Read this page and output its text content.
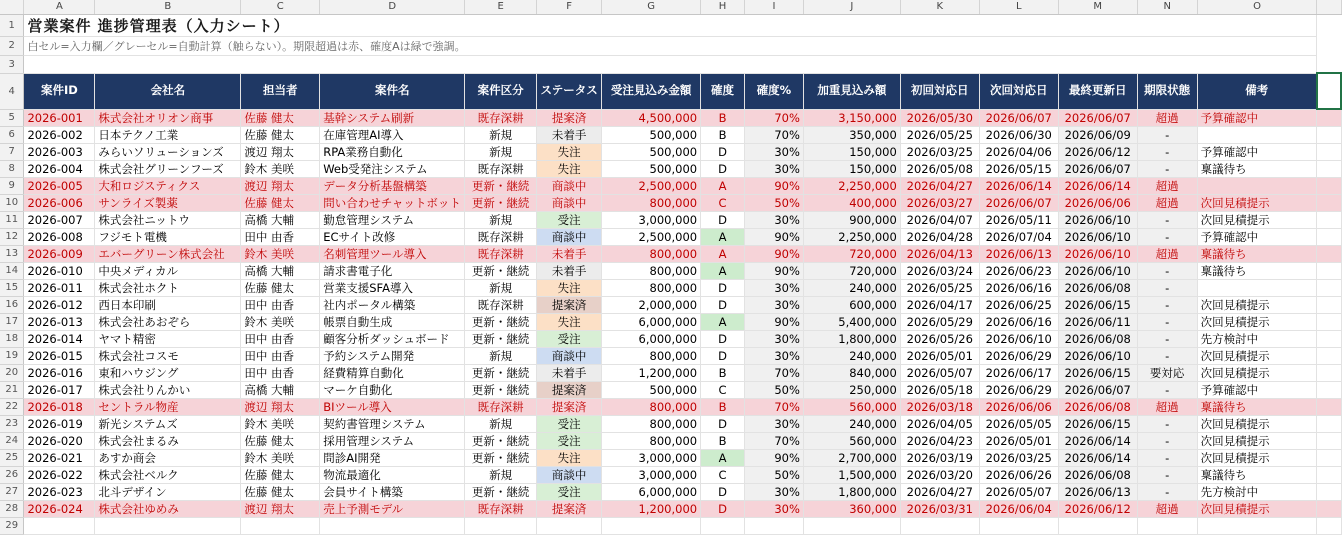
	A	B	C	D	E	F	G	H	I	J	K	L	M	N	O	
1	営業案件 進捗管理表（入力シート）															
2	白セル=入力欄／グレーセル=自動計算（触らない）。期限超過は赤、確度Aは緑で強調。															
3																
4	案件ID	会社名	担当者	案件名	案件区分	ステータス	受注見込み金額	確度	確度%	加重見込み額	初回対応日	次回対応日	最終更新日	期限状態	備考	
5	2026-001	株式会社オリオン商事	佐藤 健太	基幹システム刷新	既存深耕	提案済	4,500,000	B	70%	3,150,000	2026/05/30	2026/06/07	2026/06/07	超過	予算確認中	
6	2026-002	日本テクノ工業	佐藤 健太	在庫管理AI導入	新規	未着手	500,000	B	70%	350,000	2026/05/25	2026/06/30	2026/06/09	-		
7	2026-003	みらいソリューションズ	渡辺 翔太	RPA業務自動化	新規	失注	500,000	D	30%	150,000	2026/03/25	2026/04/06	2026/06/12	-	予算確認中	
8	2026-004	株式会社グリーンフーズ	鈴木 美咲	Web受発注システム	既存深耕	失注	500,000	D	30%	150,000	2026/05/08	2026/05/15	2026/06/07	-	稟議待ち	
9	2026-005	大和ロジスティクス	渡辺 翔太	データ分析基盤構築	更新・継続	商談中	2,500,000	A	90%	2,250,000	2026/04/27	2026/06/14	2026/06/14	超過		
10	2026-006	サンライズ製薬	佐藤 健太	問い合わせチャットボット	更新・継続	商談中	800,000	C	50%	400,000	2026/03/27	2026/06/07	2026/06/06	超過	次回見積提示	
11	2026-007	株式会社ニットウ	高橋 大輔	勤怠管理システム	新規	受注	3,000,000	D	30%	900,000	2026/04/07	2026/05/11	2026/06/10	-	次回見積提示	
12	2026-008	フジモト電機	田中 由香	ECサイト改修	既存深耕	商談中	2,500,000	A	90%	2,250,000	2026/04/28	2026/07/04	2026/06/10	-	予算確認中	
13	2026-009	エバーグリーン株式会社	鈴木 美咲	名刺管理ツール導入	既存深耕	未着手	800,000	A	90%	720,000	2026/04/13	2026/06/13	2026/06/10	超過	稟議待ち	
14	2026-010	中央メディカル	高橋 大輔	請求書電子化	更新・継続	未着手	800,000	A	90%	720,000	2026/03/24	2026/06/23	2026/06/10	-	稟議待ち	
15	2026-011	株式会社ホクト	佐藤 健太	営業支援SFA導入	新規	失注	800,000	D	30%	240,000	2026/05/25	2026/06/16	2026/06/08	-		
16	2026-012	西日本印刷	田中 由香	社内ポータル構築	既存深耕	提案済	2,000,000	D	30%	600,000	2026/04/17	2026/06/25	2026/06/15	-	次回見積提示	
17	2026-013	株式会社あおぞら	鈴木 美咲	帳票自動生成	更新・継続	失注	6,000,000	A	90%	5,400,000	2026/05/29	2026/06/16	2026/06/11	-	次回見積提示	
18	2026-014	ヤマト精密	田中 由香	顧客分析ダッシュボード	更新・継続	受注	6,000,000	D	30%	1,800,000	2026/05/26	2026/06/10	2026/06/08	-	先方検討中	
19	2026-015	株式会社コスモ	田中 由香	予約システム開発	新規	商談中	800,000	D	30%	240,000	2026/05/01	2026/06/29	2026/06/10	-	次回見積提示	
20	2026-016	東和ハウジング	田中 由香	経費精算自動化	更新・継続	未着手	1,200,000	B	70%	840,000	2026/05/07	2026/06/17	2026/06/15	要対応	次回見積提示	
21	2026-017	株式会社りんかい	高橋 大輔	マーケ自動化	更新・継続	提案済	500,000	C	50%	250,000	2026/05/18	2026/06/29	2026/06/07	-	予算確認中	
22	2026-018	セントラル物産	渡辺 翔太	BIツール導入	既存深耕	提案済	800,000	B	70%	560,000	2026/03/18	2026/06/06	2026/06/08	超過	稟議待ち	
23	2026-019	新光システムズ	鈴木 美咲	契約書管理システム	新規	受注	800,000	D	30%	240,000	2026/04/05	2026/05/05	2026/06/15	-	次回見積提示	
24	2026-020	株式会社まるみ	佐藤 健太	採用管理システム	更新・継続	受注	800,000	B	70%	560,000	2026/04/23	2026/05/01	2026/06/14	-	次回見積提示	
25	2026-021	あすか商会	鈴木 美咲	問診AI開発	更新・継続	失注	3,000,000	A	90%	2,700,000	2026/03/19	2026/03/25	2026/06/14	-	次回見積提示	
26	2026-022	株式会社ベルク	佐藤 健太	物流最適化	新規	商談中	3,000,000	C	50%	1,500,000	2026/03/20	2026/06/26	2026/06/08	-	稟議待ち	
27	2026-023	北斗デザイン	佐藤 健太	会員サイト構築	更新・継続	受注	6,000,000	D	30%	1,800,000	2026/04/27	2026/05/07	2026/06/13	-	先方検討中	
28	2026-024	株式会社ゆめみ	渡辺 翔太	売上予測モデル	既存深耕	提案済	1,200,000	D	30%	360,000	2026/03/31	2026/06/04	2026/06/12	超過	次回見積提示	
29																
